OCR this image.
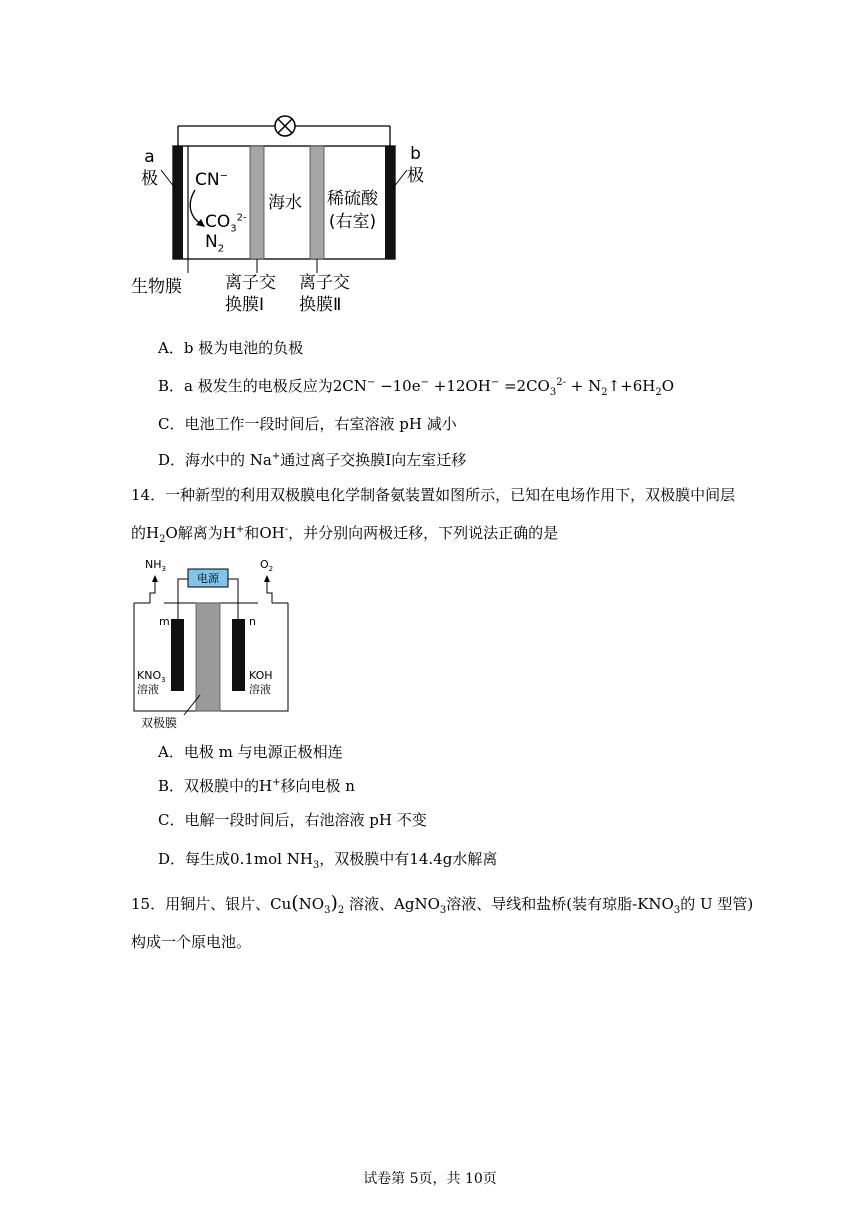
a
极
b
极
CN−
$CO_3^{2-}$
$N_2$
海水 稀硫酸
(右室)
生物膜	离子交
换膜Ⅰ
离子交
换膜Ⅱ
A．b 极为电池的负极
B．a 极发生的电极反应为$2CN^- -10e^- +12OH^- =2CO_3^{2-}$ + $N_2↑+6H_2O$
C．电池工作一段时间后，右室溶液 pH 减小
D．海水中的 Na+通过离子交换膜Ⅰ向左室迁移
14．一种新型的利用双极膜电化学制备氨装置如图所示，已知在电场作用下，双极膜中间层
的$H_2O$解离为H+和OH-，并分别向两极迁移，下列说法正确的是
$NH_3$	$O_2$
电源
m	n
$KNO_3$
溶液
KOH
溶液
双极膜
A．电极 m 与电源正极相连
B．双极膜中的H+移向电极 n
C．电解一段时间后，右池溶液 pH 不变
D．每生成0.1mol $NH_3$，双极膜中有14.4g水解离
15．用铜片、银片、$Cu(NO_3)_2$ 溶液、AgNO$_3$溶液、导线和盐桥(装有琼脂$-KNO_3$的 U 型管)
构成一个原电池。
试卷第 5页，共 10页
